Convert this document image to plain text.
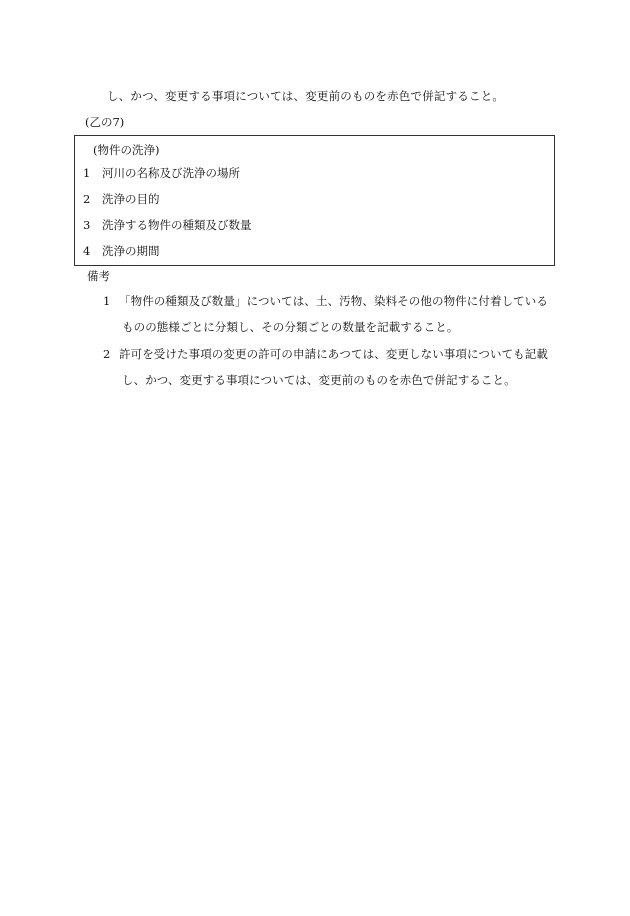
し、かつ、変更する事項については、変更前のものを赤色で併記すること。
(乙の7)
(物件の洗浄)
1 河川の名称及び洗浄の場所
2 洗浄の目的
3 洗浄する物件の種類及び数量
4 洗浄の期間
備考
1 「物件の種類及び数量」については、土、汚物、染料その他の物件に付着している
ものの態様ごとに分類し、その分類ごとの数量を記載すること。
2 許可を受けた事項の変更の許可の申請にあつては、変更しない事項についても記載
し、かつ、変更する事項については、変更前のものを赤色で併記すること。
